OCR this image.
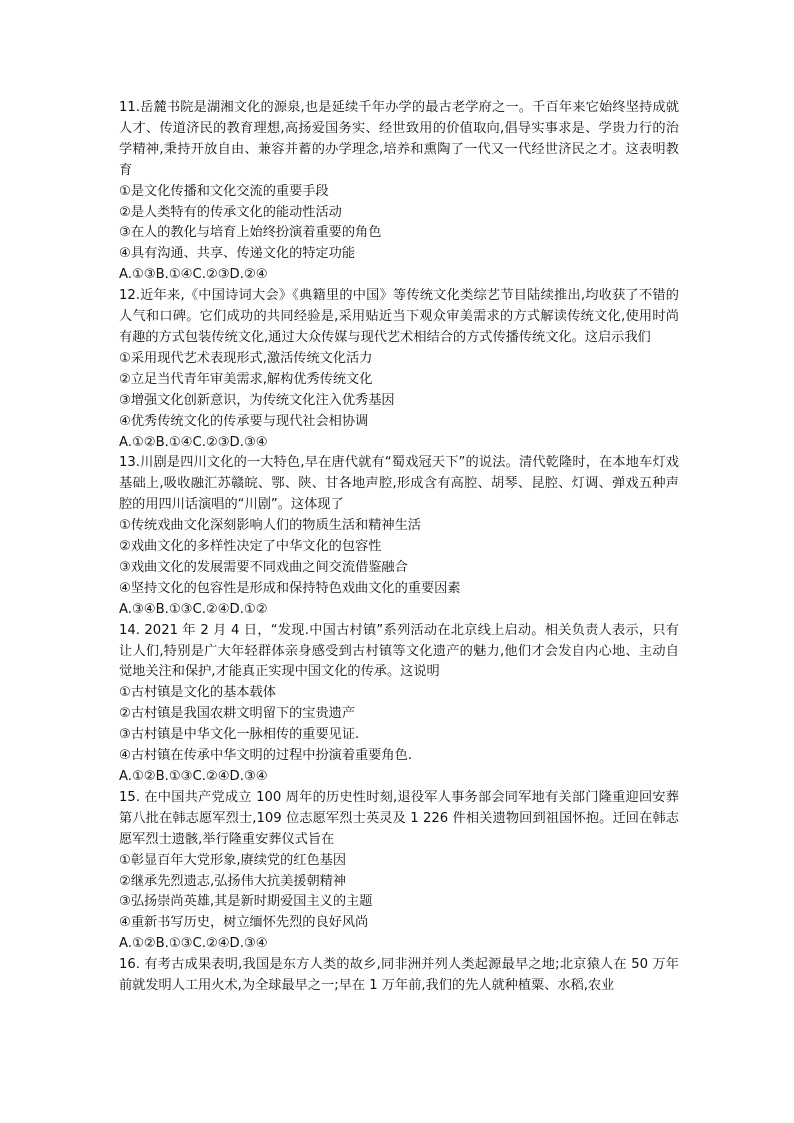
11.岳麓书院是湖湘文化的源泉,也是延续千年办学的最古老学府之一。千百年来它始终坚持成就人才、传道济民的教育理想,高扬爱国务实、经世致用的价值取向,倡导实事求是、学贵力行的治学精神,秉持开放自由、兼容并蓄的办学理念,培养和熏陶了一代又一代经世济民之才。这表明教育
①是文化传播和文化交流的重要手段
②是人类特有的传承文化的能动性活动
③在人的教化与培育上始终扮演着重要的角色
④具有沟通、共享、传递文化的特定功能
A.①③B.①④C.②③D.②④
12.近年来,《中国诗词大会》《典籍里的中国》等传统文化类综艺节目陆续推出,均收获了不错的人气和口碑。它们成功的共同经验是,采用贴近当下观众审美需求的方式解读传统文化,使用时尚有趣的方式包装传统文化,通过大众传媒与现代艺术相结合的方式传播传统文化。这启示我们
①采用现代艺术表现形式,激活传统文化活力
②立足当代青年审美需求,解构优秀传统文化
③增强文化创新意识，为传统文化注入优秀基因
④优秀传统文化的传承要与现代社会相协调
A.①②B.①④C.②③D.③④
13.川剧是四川文化的一大特色,早在唐代就有“蜀戏冠天下”的说法。清代乾隆时，在本地车灯戏基础上,吸收融汇苏赣皖、鄂、陕、甘各地声腔,形成含有高腔、胡琴、昆腔、灯调、弹戏五种声腔的用四川话演唱的“川剧”。这体现了
①传统戏曲文化深刻影响人们的物质生活和精神生活
②戏曲文化的多样性决定了中华文化的包容性
③戏曲文化的发展需要不同戏曲之间交流借鉴融合
④坚持文化的包容性是形成和保持特色戏曲文化的重要因素
A.③④B.①③C.②④D.①②
14. 2021 年 2 月 4 日，“发现.中国古村镇”系列活动在北京线上启动。相关负责人表示，只有让人们,特别是广大年轻群体亲身感受到古村镇等文化遗产的魅力,他们才会发自内心地、主动自觉地关注和保护,才能真正实现中国文化的传承。这说明
①古村镇是文化的基本载体
②古村镇是我国农耕文明留下的宝贵遗产
③古村镇是中华文化一脉相传的重要见证.
④古村镇在传承中华文明的过程中扮演着重要角色.
A.①②B.①③C.②④D.③④
15. 在中国共产党成立 100 周年的历史性时刻,退役军人事务部会同军地有关部门隆重迎回安葬第八批在韩志愿军烈士,109 位志愿军烈士英灵及 1 226 件相关遗物回到祖国怀抱。迁回在韩志愿军烈士遗骸,举行隆重安葬仪式旨在
①彰显百年大党形象,赓续党的红色基因
②继承先烈遗志,弘扬伟大抗美援朝精神
③弘扬崇尚英雄,其是新时期爱国主义的主题
④重新书写历史，树立缅怀先烈的良好风尚
A.①②B.①③C.②④D.③④
16. 有考古成果表明,我国是东方人类的故乡,同非洲并列人类起源最早之地;北京猿人在 50 万年前就发明人工用火术,为全球最早之一;早在 1 万年前,我们的先人就种植粟、水稻,农业
